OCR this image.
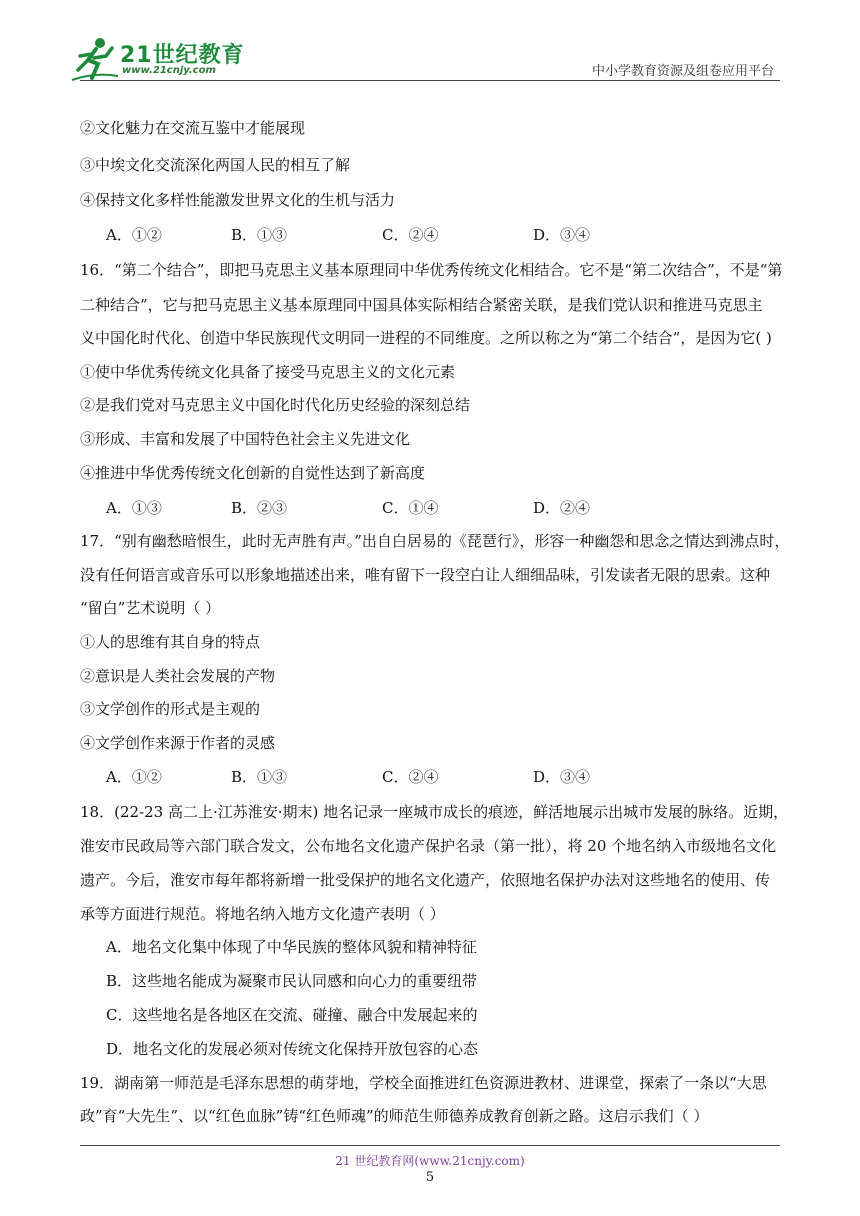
21世纪教育
www.21cnjy.com	中小学教育资源及组卷应用平台
②文化魅力在交流互鉴中才能展现
③中埃文化交流深化两国人民的相互了解
④保持文化多样性能激发世界文化的生机与活力
A．①②	B．①③	C．②④	D．③④
16．“第二个结合”，即把马克思主义基本原理同中华优秀传统文化相结合。它不是“第二次结合”，不是“第
二种结合”，它与把马克思主义基本原理同中国具体实际相结合紧密关联，是我们党认识和推进马克思主
义中国化时代化、创造中华民族现代文明同一进程的不同维度。之所以称之为“第二个结合”，是因为它( )
①使中华优秀传统文化具备了接受马克思主义的文化元素
②是我们党对马克思主义中国化时代化历史经验的深刻总结
③形成、丰富和发展了中国特色社会主义先进文化
④推进中华优秀传统文化创新的自觉性达到了新高度
A．①③	B．②③	C．①④	D．②④
17．“别有幽愁暗恨生，此时无声胜有声。”出自白居易的《琵琶行》，形容一种幽怨和思念之情达到沸点时，
没有任何语言或音乐可以形象地描述出来，唯有留下一段空白让人细细品味，引发读者无限的思索。这种
“留白”艺术说明（ ）
①人的思维有其自身的特点
②意识是人类社会发展的产物
③文学创作的形式是主观的
④文学创作来源于作者的灵感
A．①②	B．①③	C．②④	D．③④
18．(22-23 高二上·江苏淮安·期末) 地名记录一座城市成长的痕迹，鲜活地展示出城市发展的脉络。近期，
淮安市民政局等六部门联合发文，公布地名文化遗产保护名录（第一批），将 20 个地名纳入市级地名文化
遗产。今后，淮安市每年都将新增一批受保护的地名文化遗产，依照地名保护办法对这些地名的使用、传
承等方面进行规范。将地名纳入地方文化遗产表明（ ）
A．地名文化集中体现了中华民族的整体风貌和精神特征
B．这些地名能成为凝聚市民认同感和向心力的重要纽带
C．这些地名是各地区在交流、碰撞、融合中发展起来的
D．地名文化的发展必须对传统文化保持开放包容的心态
19．湖南第一师范是毛泽东思想的萌芽地，学校全面推进红色资源进教材、进课堂，探索了一条以“大思
政”育“大先生”、以“红色血脉”铸“红色师魂”的师范生师德养成教育创新之路。这启示我们（ ）
21 世纪教育网(www.21cnjy.com)
5
